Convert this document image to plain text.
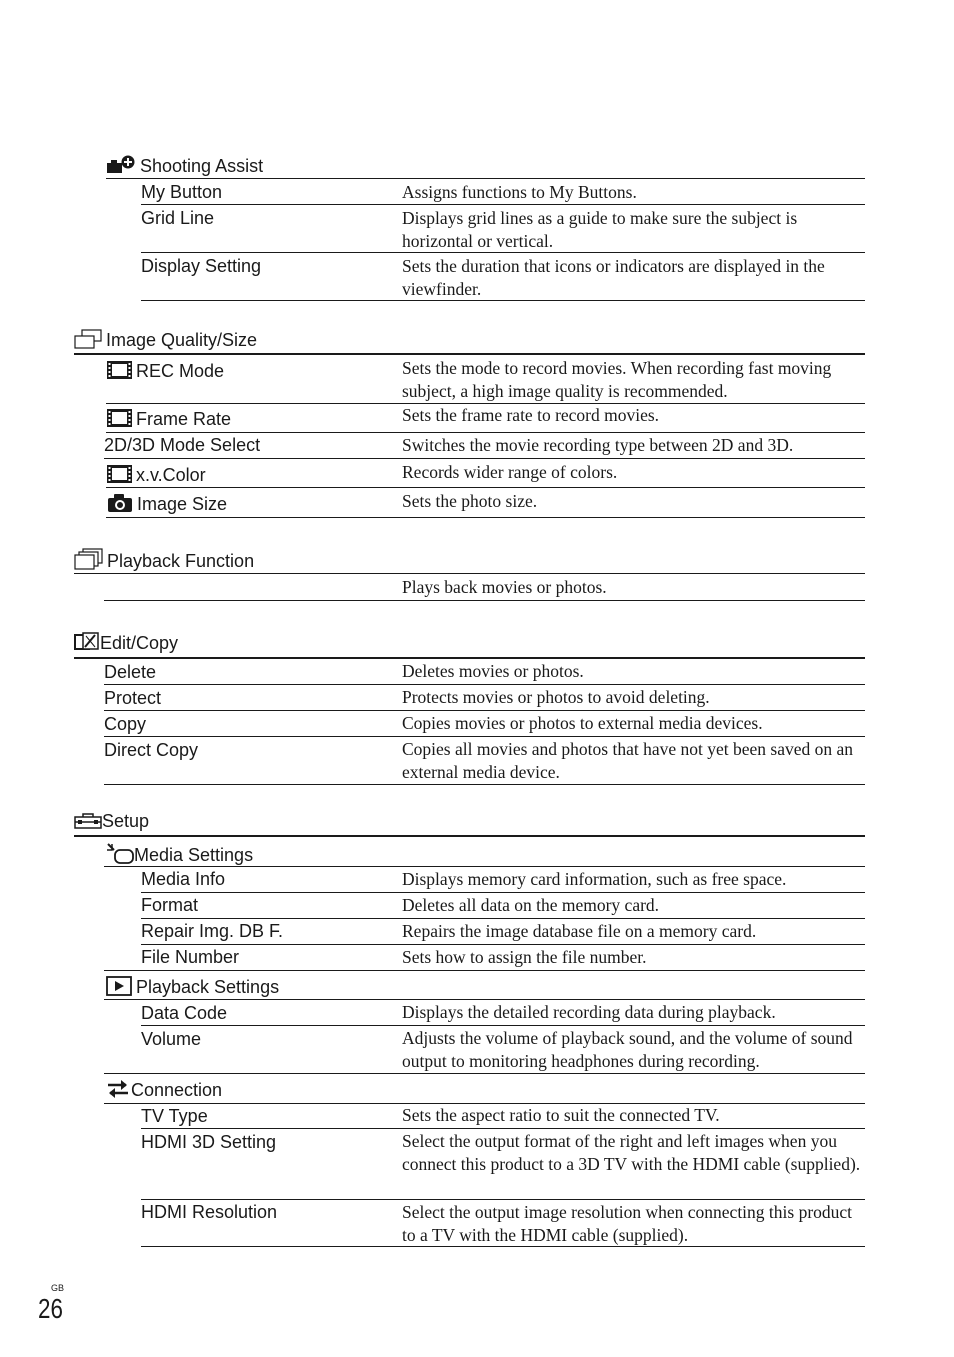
Shooting Assist
My Button	Assigns functions to My Buttons.
Grid Line	Displays grid lines as a guide to make sure the subject is horizontal or vertical.
Display Setting	Sets the duration that icons or indicators are displayed in the viewfinder.
Image Quality/Size
REC Mode	Sets the mode to record movies. When recording fast moving subject, a high image quality is recommended.
Frame Rate	Sets the frame rate to record movies.
2D/3D Mode Select	Switches the movie recording type between 2D and 3D.
x.v.Color	Records wider range of colors.
Image Size	Sets the photo size.
Playback Function
Plays back movies or photos.
Edit/Copy
Delete	Deletes movies or photos.
Protect	Protects movies or photos to avoid deleting.
Copy	Copies movies or photos to external media devices.
Direct Copy	Copies all movies and photos that have not yet been saved on an external media device.
Setup
Media Settings
Media Info	Displays memory card information, such as free space.
Format	Deletes all data on the memory card.
Repair Img. DB F.	Repairs the image database file on a memory card.
File Number	Sets how to assign the file number.
Playback Settings
Data Code	Displays the detailed recording data during playback.
Volume	Adjusts the volume of playback sound, and the volume of sound output to monitoring headphones during recording.
Connection
TV Type	Sets the aspect ratio to suit the connected TV.
HDMI 3D Setting	Select the output format of the right and left images when you connect this product to a 3D TV with the HDMI cable (supplied).
HDMI Resolution	Select the output image resolution when connecting this product to a TV with the HDMI cable (supplied).
GB
26
